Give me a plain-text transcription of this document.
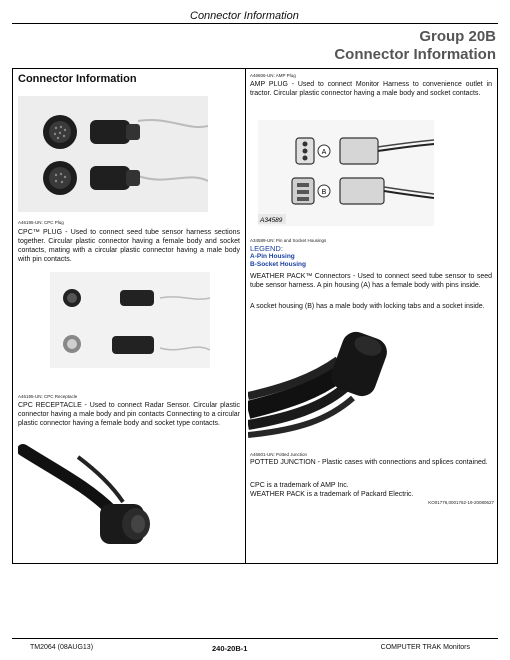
Connector Information
Group 20B
Connector Information
Connector Information
A46195-UN: CPC Plug
CPC™ PLUG - Used to connect seed tube sensor harness sections together. Circular plastic connector having a female body and socket contacts, mating with a circular plastic connector having a male body with pin contacts.
A46195-UN: CPC Receptacle
CPC RECEPTACLE - Used to connect Radar Sensor. Circular plastic connector having a male body and pin contacts Connecting to a circular plastic connector having a female body and socket type contacts.
A46606-UN: AMP Plug
AMP PLUG - Used to connect Monitor Harness to convenience outlet in tractor. Circular plastic connector having a male body and socket contacts.
A
B
A34589
A34589-UN: Pin and Socket Housings
LEGEND:
A-Pin Housing
B-Socket Housing
WEATHER PACK™ Connectors - Used to connect seed tube sensor to seed tube sensor harness. A pin housing (A) has a female body with pins inside.
A socket housing (B) has a male body with locking tabs and a socket inside.
A46601-UN: Potted Junction
POTTED JUNCTION - Plastic cases with connections and splices contained.
CPC is a trademark of AMP Inc.
WEATHER PACK is a trademark of Packard Electric.
KO01776,0001762-19-20080627
TM2064 (08AUG13)	240-20B-1	COMPUTER TRAK Monitors
